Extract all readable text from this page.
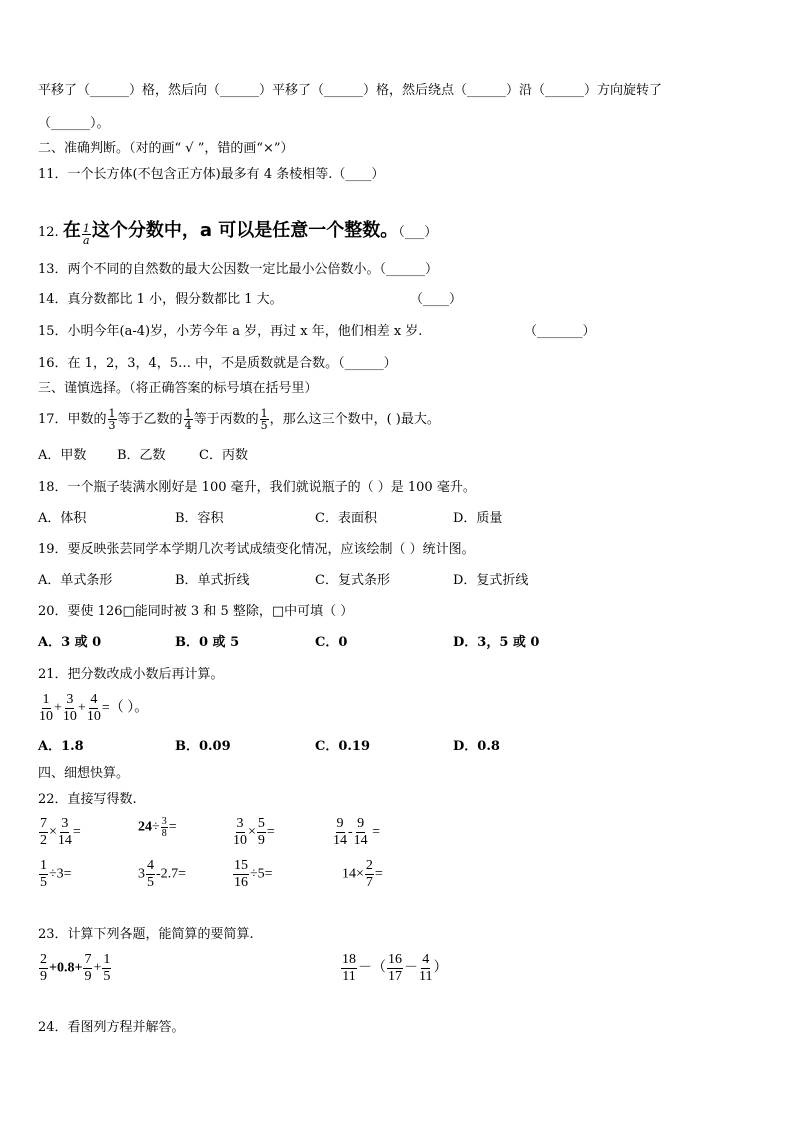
平移了（______）格，然后向（______）平移了（______）格，然后绕点（______）沿（______）方向旋转了
（______）。
二、准确判断。（对的画“ √ ”，错的画“×”）
11．一个长方体(不包含正方体)最多有 4 条棱相等.（____）
12. 在 $\frac{1}{a}$ 这个分数中，a 可以是任意一个整数。（___）
13．两个不同的自然数的最大公因数一定比最小公倍数小。（______）
14．真分数都比 1 小，假分数都比 1 大。	（____）
15．小明今年(a-4)岁，小芳今年 a 岁，再过 x 年，他们相差 x 岁.	（_______）
16．在 1，2，3，4，5… 中，不是质数就是合数。（______）
三、谨慎选择。（将正确答案的标号填在括号里）
17．甲数的 $\frac{1}{3}$ 等于乙数的 $\frac{1}{4}$ 等于丙数的 $\frac{1}{5}$ ，那么这三个数中，( )最大。
A．甲数 B．乙数	C．丙数
18．一个瓶子装满水刚好是 100 毫升，我们就说瓶子的（ ）是 100 毫升。
A．体积	B．容积	C．表面积	D．质量
19．要反映张芸同学本学期几次考试成绩变化情况，应该绘制（ ）统计图。
A．单式条形	B．单式折线	C．复式条形	D．复式折线
20．要使 126□能同时被 3 和 5 整除，□中可填（ ）
A．3 或 0	B．0 或 5	C．0	D．3，5 或 0
21．把分数改成小数后再计算。
$\frac{1}{10} + \frac{3}{10} + \frac{4}{10}$ =（ ）。
A．1.8	B．0.09	C．0.19	D．0.8
四、细想快算。
22．直接写得数.
$\frac{7}{2} \times \frac{3}{14}$ =	$24\div \frac{3}{8}$ =	$\frac{3}{10} \times \frac{5}{9}$ =	$\frac{9}{14} - \frac{9}{14}$ =
$\frac{1}{5} \div 3=$	$3 \frac{4}{5} -2.7=$	$\frac{15}{16} \div 5=$	$14\times \frac{2}{7}$ =
23．计算下列各题，能简算的要简算.
$\frac{2}{9} +0.8+ \frac{7}{9} + \frac{1}{5}$	$\frac{18}{11}$ －（ $\frac{16}{17} - \frac{4}{11}$ ）
24．看图列方程并解答。
